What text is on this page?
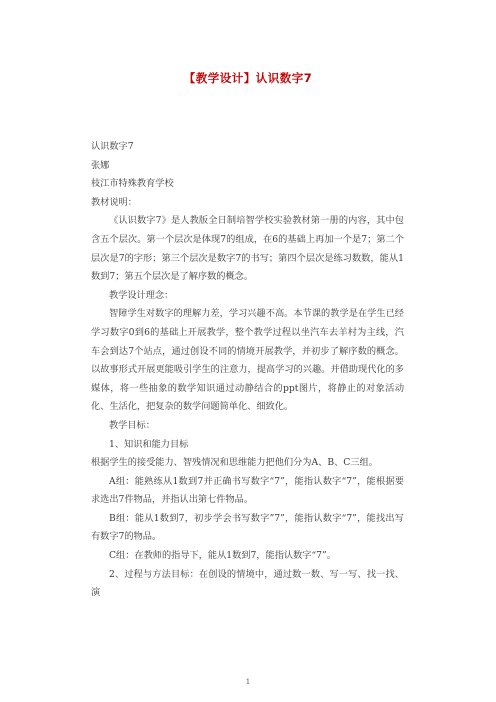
【教学设计】认识数字7

认识数字7

张娜

枝江市特殊教育学校

教材说明：

《认识数字7》是人教版全日制培智学校实验教材第一册的内容，其中包含五个层次。第一个层次是体现7的组成，在6的基础上再加一个是7；第二个层次是7的字形；第三个层次是数字7的书写；第四个层次是练习数数，能从1数到7；第五个层次是了解序数的概念。

教学设计理念：

智障学生对数字的理解力差，学习兴趣不高。本节课的教学是在学生已经学习数字0到6的基础上开展教学，整个教学过程以坐汽车去羊村为主线，汽车会到达7个站点，通过创设不同的情境开展教学，并初步了解序数的概念。以故事形式开展更能吸引学生的注意力，提高学习的兴趣。并借助现代化的多媒体，将一些抽象的数学知识通过动静结合的ppt图片，将静止的对象活动化、生活化，把复杂的数学问题简单化、细致化。

教学目标：

1、知识和能力目标

根据学生的接受能力、智残情况和思维能力把他们分为A、B、C三组。

A组：能熟练从1数到7并正确书写数字“7”，能指认数字“7”，能根据要求选出7件物品，并指认出第七件物品。

B组：能从1数到7，初步学会书写数字”7”，能指认数字“7”，能找出写有数字7的物品。

C组：在教师的指导下，能从1数到7，能指认数字“7”。

2、过程与方法目标：在创设的情境中，通过数一数、写一写、找一找、演

1
